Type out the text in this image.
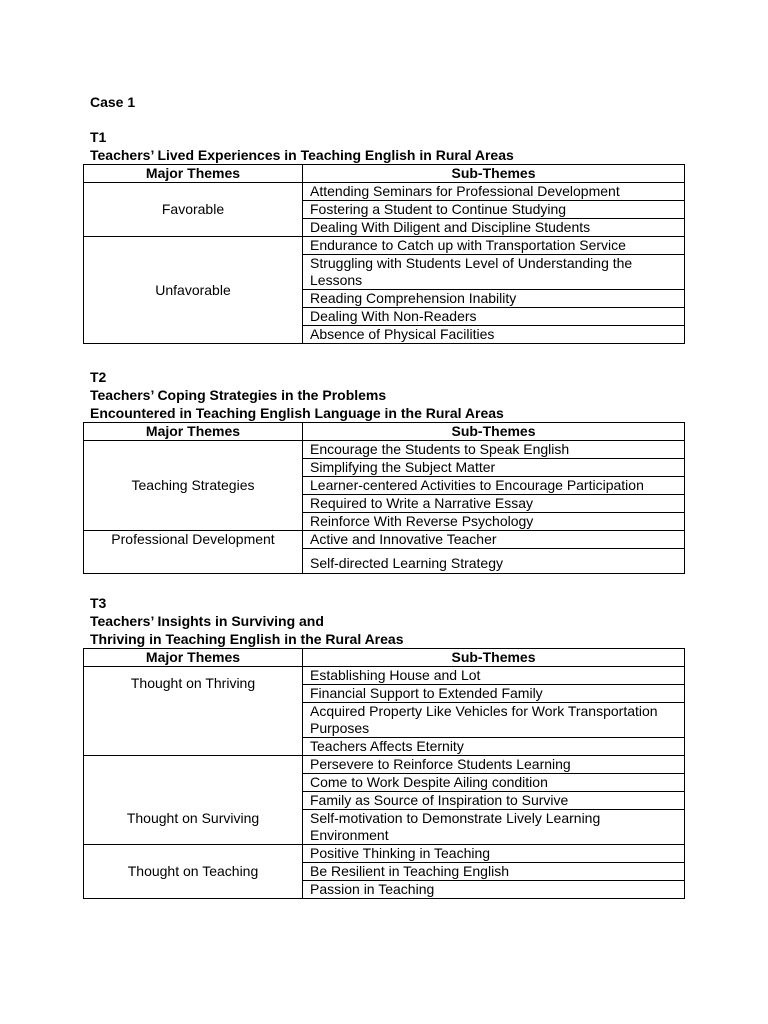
Case 1
T1
Teachers’ Lived Experiences in Teaching English in Rural Areas
Major Themes	Sub-Themes
Favorable	Attending Seminars for Professional Development
	Fostering a Student to Continue Studying
	Dealing With Diligent and Discipline Students
Unfavorable	Endurance to Catch up with Transportation Service
	Struggling with Students Level of Understanding the Lessons
	Reading Comprehension Inability
	Dealing With Non-Readers
	Absence of Physical Facilities
T2
Teachers’ Coping Strategies in the Problems
Encountered in Teaching English Language in the Rural Areas
Major Themes	Sub-Themes
Teaching Strategies	Encourage the Students to Speak English
	Simplifying the Subject Matter
	Learner-centered Activities to Encourage Participation
	Required to Write a Narrative Essay
	Reinforce With Reverse Psychology
Professional Development	Active and Innovative Teacher
	Self-directed Learning Strategy
T3
Teachers’ Insights in Surviving and
Thriving in Teaching English in the Rural Areas
Major Themes	Sub-Themes
Thought on Thriving	Establishing House and Lot
	Financial Support to Extended Family
	Acquired Property Like Vehicles for Work Transportation Purposes
	Teachers Affects Eternity
Thought on Surviving	Persevere to Reinforce Students Learning
	Come to Work Despite Ailing condition
	Family as Source of Inspiration to Survive
	Self-motivation to Demonstrate Lively Learning Environment
Thought on Teaching	Positive Thinking in Teaching
	Be Resilient in Teaching English
	Passion in Teaching
